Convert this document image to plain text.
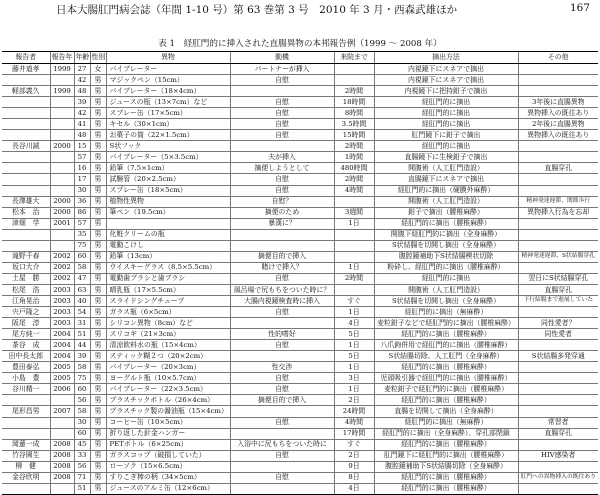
日本大腸肛門病会誌（年間 1-10 号）第 63 巻第 3 号　2010 年 3 月・西森武雄ほか	167
表 1　経肛門的に挿入された直腸異物の本邦報告例（1999 ～ 2008 年）
報告者	報告年	年齢	性別	異物	動機	来院まで	摘出方法	その他
藤井道孝	1999	27	女	バイブレーター	パートナーが挿入		内視鏡下にスネアで摘出	
		42	男	マジックペン（15cm）	自慰		内視鏡下にスネアで摘出	
軽部義久	1999	48	男	バイブレーター（18×4cm）		2時間	内視鏡下に把持鉗子で摘出	
		39	男	ジュースの瓶（13×7cm）など	自慰	18時間	経肛門的に摘出	3年後に直腸異物
		42	男	スプレー缶（17×5cm）	自慰	8時間	経肛門的に摘出	異物挿入の既往あり
		41	男	キセル（30×1cm）	自慰	3.5時間	経肛門的に摘出	2年後に直腸異物
		48	男	お菓子の筒（22×1.5cm）	自慰	15時間	肛門鏡下に鉗子で摘出	異物挿入の既往あり
長谷川誠	2000	15	男	S状フック		2時間	経肛門的に摘出	
		57	男	バイブレーター（5×3.5cm）	夫が挿入	1時間	直腸鏡下に生検鉗子で摘出	
		16	男	鉛筆（7.5×1cm）	摘便しようとして	480時間	開腹術（人工肛門造設）	直腸穿孔
		17	男	試験管（20×2.5cm）	自慰	2時間	直腸鏡下にスネアで摘出	
		30	男	スプレー缶（18×5cm）	自慰	4時間	経肛門的に摘出（硬膜外麻酔）	
長澤雄大	2000	36	男	植物性異物	自慰？		開腹術（人工肛門造設）	精神発達遅滞、関節歩行
松本　治	2000	86	男	筆ペン（19.5cm）	摘便のため	3週間	鉗子で摘出（腰椎麻酔）	異物挿入行為を忘却
津畑　学	2001	57	男		暴漢に？	1日	経肛門的に摘出（腰椎麻酔）	
		35	男	化粧クリームの瓶			開腹下経肛門的に摘出（全身麻酔）	
		75	男	電動こけし			S状結腸を切開し摘出（全身麻酔）	
滝野千春	2002	60	男	鉛筆（13cm）	摘便目的で挿入		腹腔鏡補助下S状結腸楔状切除	精神発達遅滞、S状結腸穿孔
坂口大介	2002	58	男	ウイスキーグラス（8.5×5.5cm）	賭けで挿入？	1日	粉砕し、経肛門的に摘出（腰椎麻酔）	
土屋　勝	2002	47	男	電動歯ブラシと歯ブラシ	自慰	2時間	経肛門的に摘出	翌日にS状結腸穿孔
松尾　浩	2003	63	男	晴乳瓶（17×5.5cm）	風呂場で尻もちをついた時に？		開腹術（人工肛門造設）	直腸穿孔
江角晃治	2003	40	男	スライドシングチューブ	大腸内視鏡検査時に挿入	すぐ	S状結腸を切開し摘出（全身麻酔）	下行結腸まで進展していた
宍戸隆之	2003	54	男	ガラス瓶（6×5cm）	自慰	1日	経肛門的に摘出（無麻酔）	
阪尾　淳	2003	31	男	シリコン異物（8cm）など		4日	麦粒鉗子などで経肛門的に摘出（腰椎麻酔）	同性愛者？
尾方純一	2004	51	男	スリコギ（21×3cm）	性的嗜好	5日	経肛門的に摘出（腰椎麻酔）	同性愛者
茶谷　成	2004	44	男	清涼飲料水の瓶（15×4cm）	自慰	1日	八爪鉤併用で経肛門的に摘出（腰椎麻酔）	
田中長太郎	2004	39	男	スティック糊２つ（20×2cm）		5日	S状結腸切除、人工肛門（全身麻酔）	S状結腸多発穿通
豊田泰弘	2005	58	男	バイブレーター（20×3cm）	性交渉	1日	経肛門的に摘出（腰椎麻酔）	
小島　豊	2005	75	男	ヨーグルト瓶（10×5.7cm）	自慰	3日	児頭吸引器で経肛門的に摘出（腰椎麻酔）	
谷川精一	2006	60	男	バイブレーター（22×3.5cm）	自慰	1日	麦粒鉗子で経肛門的に摘出（腰椎麻酔）	
		56	男	プラスチックボトル（26×4cm）	摘便目的で挿入	2日	経肛門的に摘出（腰椎麻酔）	
尾形昌男	2007	58	男	プラスチック製の醤油瓶（15×4cm）		24時間	直腸を切開して摘出（全身麻酔）	
		30	男	コーヒー缶（10×5cm）	自慰	4時間	経肛門的に摘出（無麻酔）	常習者
		60	男	折り返した針金ハンガー		17時間	経肛門的に摘出（全身麻酔）、穿孔部閉鎖	直腸穿孔
岡蓮一成	2008	45	男	PETボトル（6×25cm）	入浴中に尻もちをついた時に	すぐ	経肛門的に摘出（腰椎麻酔）	
竹谷園生	2008	33	男	ガラスコップ（破損していた）	自慰	2日	肛門鏡下に経肛門的に摘出（腰椎麻酔）	HIV感染者
柳　健	2008	56	男	ローソク（15×6.5cm）		9日	腹腔鏡補助下S状結腸切除（全身麻酔）	
金谷欣明	2008	71	男	すりこぎ棒の柄（34×5cm）	自慰	8日	経肛門的に摘出（腰椎麻酔）	肛門への異物挿入の既往あり
		51	男	ジュースのアルミ缶（12×6cm）		4日	経肛門的に摘出（腰椎麻酔）	
